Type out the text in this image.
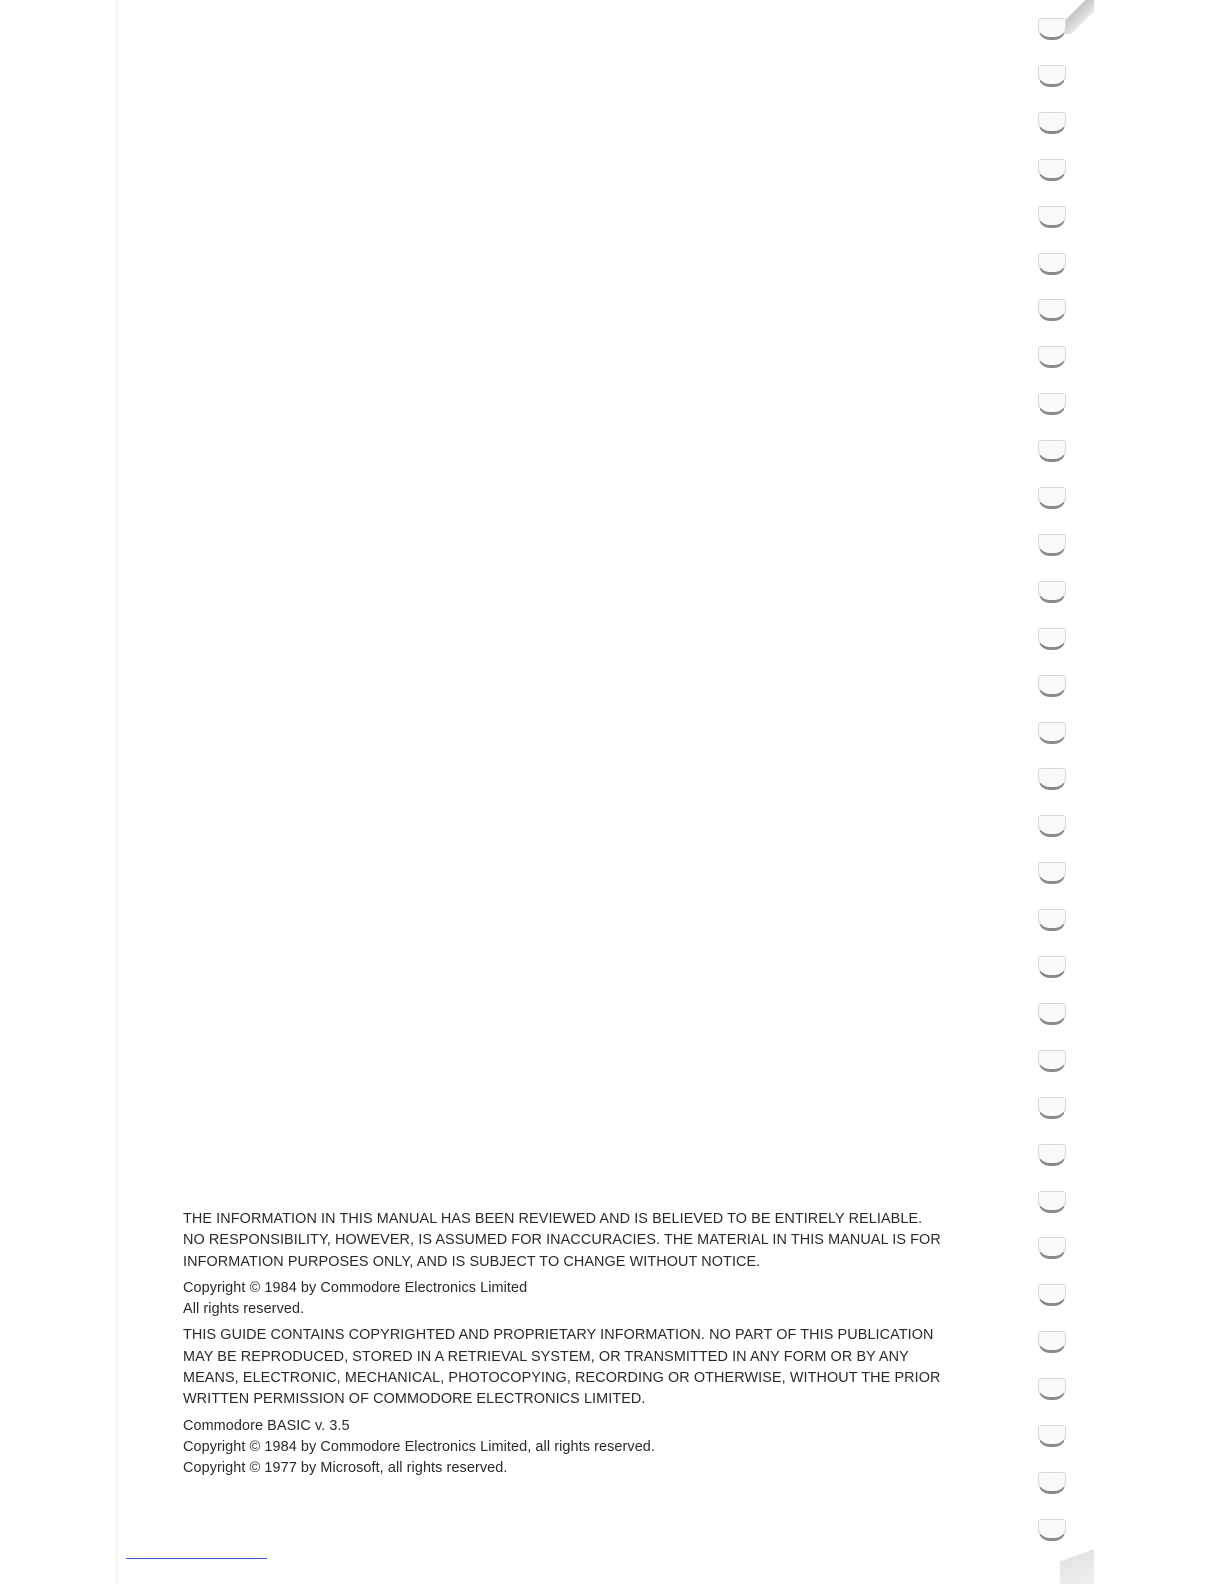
THE INFORMATION IN THIS MANUAL HAS BEEN REVIEWED AND IS BELIEVED TO BE ENTIRELY RELIABLE.

NO RESPONSIBILITY, HOWEVER, IS ASSUMED FOR INACCURACIES. THE MATERIAL IN THIS MANUAL IS FOR

INFORMATION PURPOSES ONLY, AND IS SUBJECT TO CHANGE WITHOUT NOTICE.

Copyright © 1984 by Commodore Electronics Limited

All rights reserved.

THIS GUIDE CONTAINS COPYRIGHTED AND PROPRIETARY INFORMATION. NO PART OF THIS PUBLICATION

MAY BE REPRODUCED, STORED IN A RETRIEVAL SYSTEM, OR TRANSMITTED IN ANY FORM OR BY ANY

MEANS, ELECTRONIC, MECHANICAL, PHOTOCOPYING, RECORDING OR OTHERWISE, WITHOUT THE PRIOR

WRITTEN PERMISSION OF COMMODORE ELECTRONICS LIMITED.

Commodore BASIC v. 3.5

Copyright © 1984 by Commodore Electronics Limited, all rights reserved.

Copyright © 1977 by Microsoft, all rights reserved.
